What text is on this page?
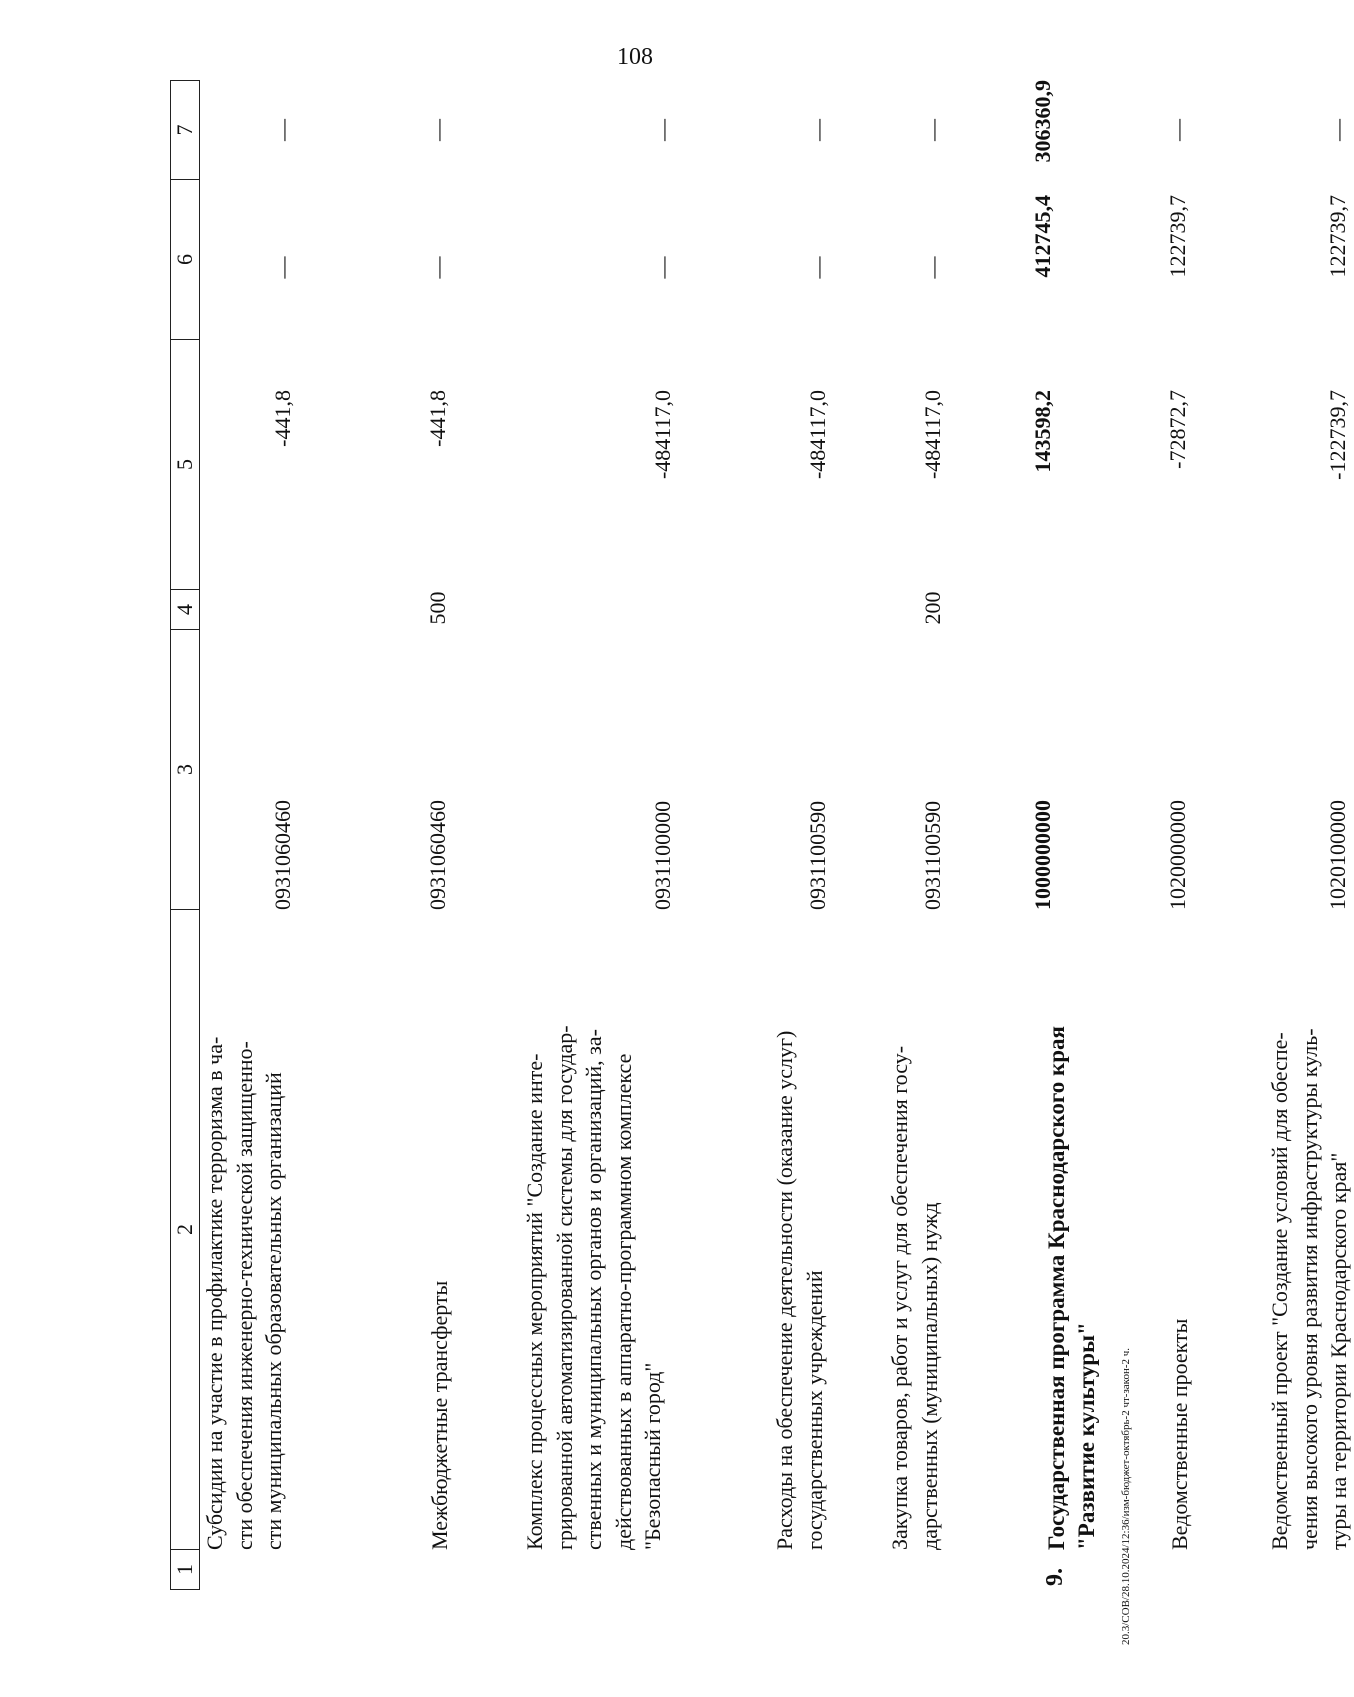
108
20.3/СОВ/28.10.2024/12:36/изм-бюджет-октябрь-2 чт-закон-2 ч.
1
2
3
4
5
6
7
Субсидии на участие в профилактике терроризма в ча- сти обеспечения инженерно-технической защищенно- сти муниципальных образовательных организаций
0931060460
-441,8
—
—
Межбюджетные трансферты
0931060460
500
-441,8
—
—
Комплекс процессных мероприятий "Создание инте- грированной автоматизированной системы для государ- ственных и муниципальных органов и организаций, за- действованных в аппаратно-программном комплексе "Безопасный город"
0931100000
-484117,0
—
—
Расходы на обеспечение деятельности (оказание услуг) государственных учреждений
0931100590
-484117,0
—
—
Закупка товаров, работ и услуг для обеспечения госу- дарственных (муниципальных) нужд
0931100590
200
-484117,0
—
—
9.
Государственная программа Краснодарского края "Развитие культуры"
1000000000
143598,2
412745,4
306360,9
Ведомственные проекты
1020000000
-72872,7
122739,7
—
Ведомственный проект "Создание условий для обеспе- чения высокого уровня развития инфраструктуры куль- туры на территории Краснодарского края"
1020100000
-122739,7
122739,7
—
